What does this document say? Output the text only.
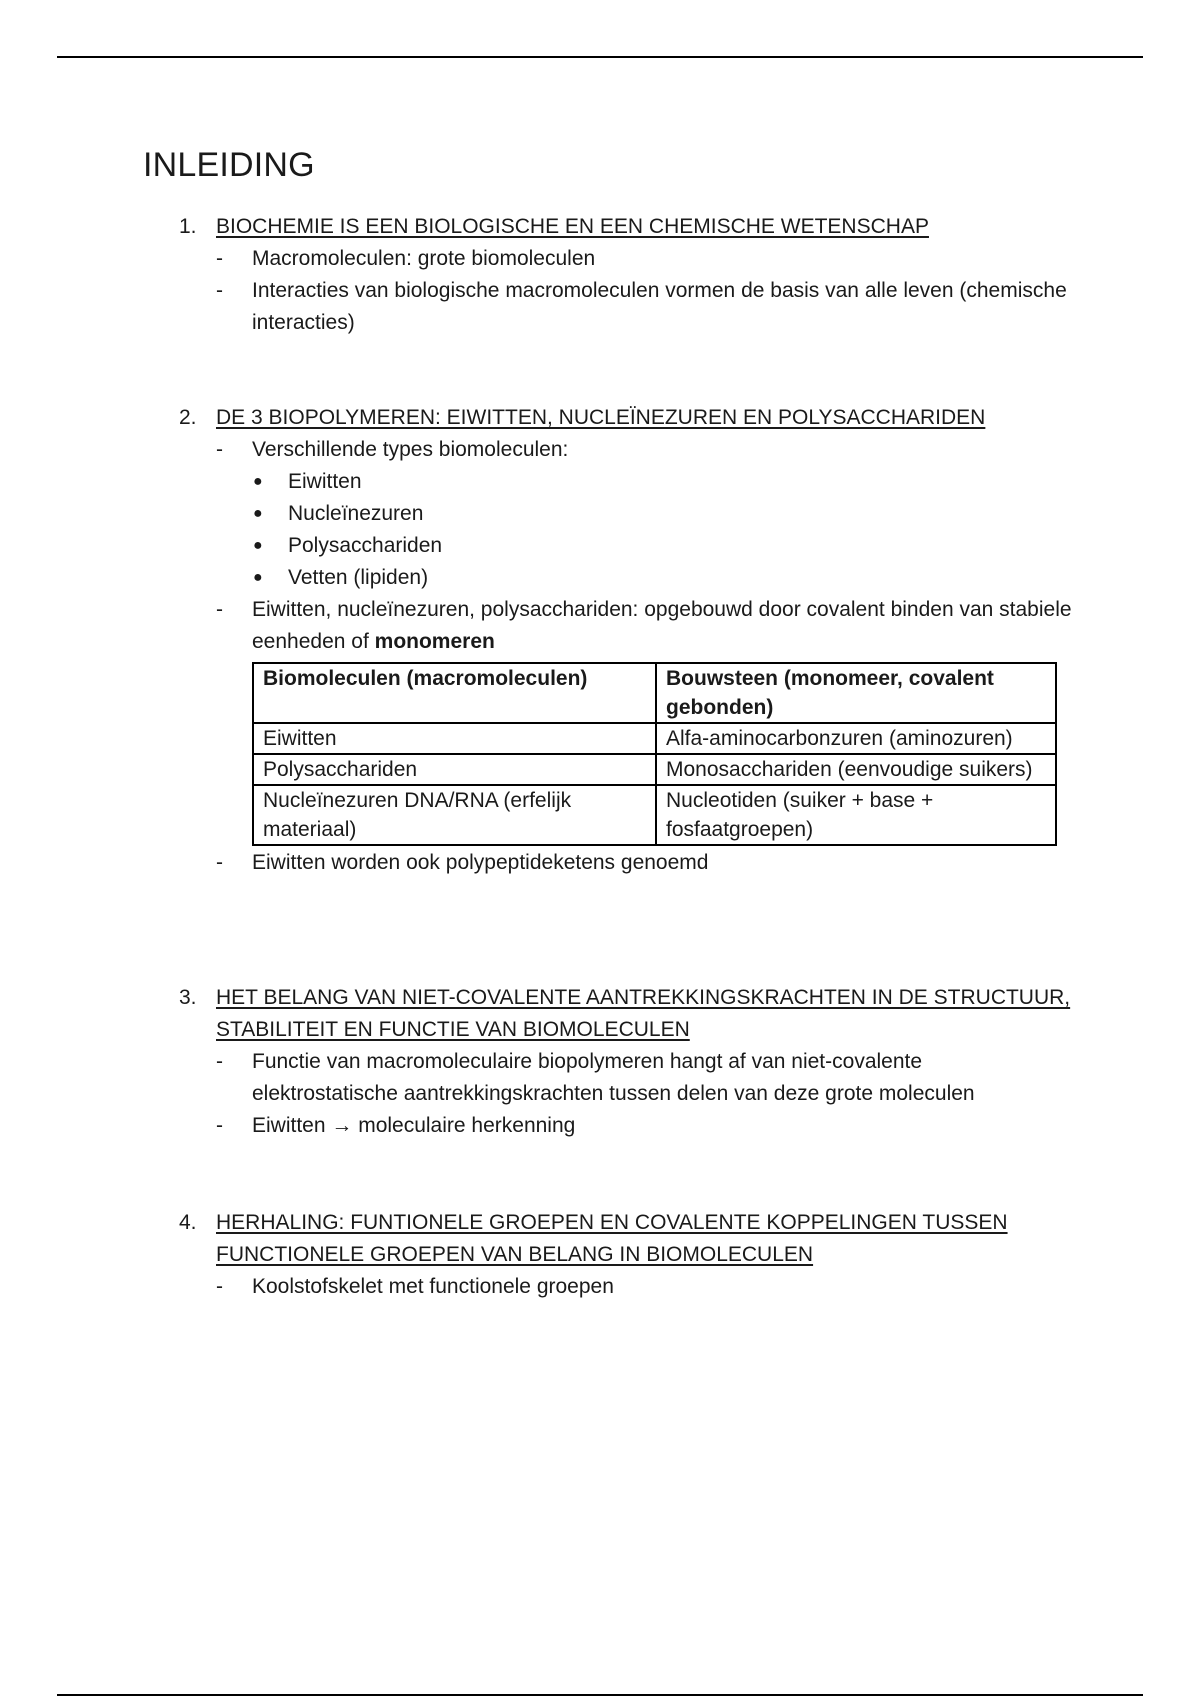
INLEIDING
1. BIOCHEMIE IS EEN BIOLOGISCHE EN EEN CHEMISCHE WETENSCHAP
- Macromoleculen: grote biomoleculen
- Interacties van biologische macromoleculen vormen de basis van alle leven (chemische interacties)
2. DE 3 BIOPOLYMEREN: EIWITTEN, NUCLEÏNEZUREN EN POLYSACCHARIDEN
- Verschillende types biomoleculen:
● Eiwitten
● Nucleïnezuren
● Polysacchariden
● Vetten (lipiden)
- Eiwitten, nucleïnezuren, polysacchariden: opgebouwd door covalent binden van stabiele eenheden of monomeren
Biomoleculen (macromoleculen)	Bouwsteen (monomeer, covalent gebonden)
Eiwitten	Alfa-aminocarbonzuren (aminozuren)
Polysacchariden	Monosacchariden (eenvoudige suikers)
Nucleïnezuren DNA/RNA (erfelijk materiaal)	Nucleotiden (suiker + base + fosfaatgroepen)
- Eiwitten worden ook polypeptideketens genoemd
3. HET BELANG VAN NIET-COVALENTE AANTREKKINGSKRACHTEN IN DE STRUCTUUR, STABILITEIT EN FUNCTIE VAN BIOMOLECULEN
- Functie van macromoleculaire biopolymeren hangt af van niet-covalente elektrostatische aantrekkingskrachten tussen delen van deze grote moleculen
- Eiwitten → moleculaire herkenning
4. HERHALING: FUNTIONELE GROEPEN EN COVALENTE KOPPELINGEN TUSSEN FUNCTIONELE GROEPEN VAN BELANG IN BIOMOLECULEN
- Koolstofskelet met functionele groepen
